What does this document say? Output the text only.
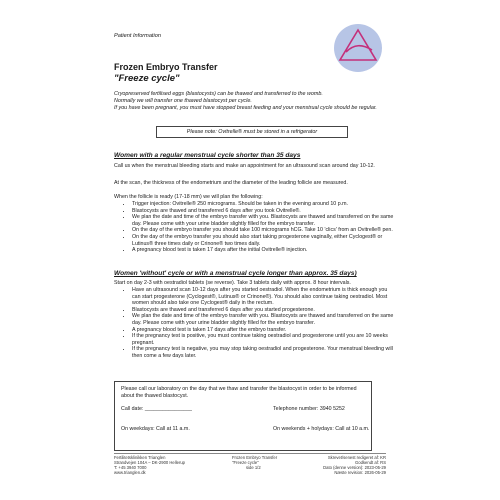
Patient Information
Frozen Embryo Transfer
"Freeze cycle"
Cryopreserved fertilised eggs (blastocysts) can be thawed and transferred to the womb.
Normally we will transfer one thawed blastocyst per cycle.
If you have been pregnant, you must have stopped breast feeding and your menstrual cycle should be regular.
Please note: Ovitrelle® must be stored in a refrigerator
Women with a regular menstrual cycle shorter than 35 days
Call us when the menstrual bleeding starts and make an appointment for an ultrasound scan around day 10-12.
At the scan, the thickness of the endometrium and the diameter of the leading follicle are measured.
When the follicle is ready (17-18 mm) we will plan the following:
• Trigger injection: Ovitrelle® 250 micrograms. Should be taken in the evening around 10 p.m.
• Blastocysts are thawed and transferred 6 days after you took Ovitrelle®.
• We plan the date and time of the embryo transfer with you. Blastocysts are thawed and transferred on the same day. Please come with your urine bladder slightly filled for the embryo transfer.
• On the day of the embryo transfer you should take 100 micrograms hCG. Take 10 'clics' from an Ovitrelle® pen.
• On the day of the embryo transfer you should also start taking progesterone vaginally, either Cyclogest® or Lutinus® three times daily or Crinone® two times daily.
• A pregnancy blood test is taken 17 days after the initial Ovitrelle® injection.
Women 'without' cycle or with a menstrual cycle longer than approx. 35 days)
Start on day 2-3 with oestradiol tablets (se reverse). Take 3 tablets daily with approx. 8 hour intervals.
• Have an ultrasound scan 10-12 days after you started oestradiol. When the endometrium is thick enough you can start progesterone (Cyclogest®, Lutinus® or Crinone®). You should also continue taking oestradiol. Most women should also take one Cyclogest® daily in the rectum.
• Blastocysts are thawed and transferred 6 days after you started progesterone.
• We plan the date and time of the embryo transfer with you. Blastocysts are thawed and transferred on the same day. Please come with your urine bladder slightly filled for the embryo transfer.
• A pregnancy blood test is taken 17 days after the embryo transfer.
• If the pregnancy test is positive, you must continue taking oestradiol and progesterone until you are 10 weeks pregnant.
• If the pregnancy test is negative, you may stop taking oestradiol and progesterone. Your menstrual bleeding will then come a few days later.
Please call our laboratory on the day that we thaw and transfer the blastocyst in order to be informed about the thawed blastocyst.
Call date: ________________	Telephone number: 3940 5252
On weekdays: Call at 11 a.m.	On weekends + holydays: Call at 10 a.m.
Fertilitetsklinikken Trianglen
Strandvejen 104A – DK-2900 Hellerup
T: +45 3940 7000
www.trianglen.dk
Frozen Embryo Transfer
"Freeze cycle"
side 1/2
Skrevet/senest redigeret af: KR
Godkendt af: RS
Dato (denne version): 2023-05-29
Næste revision: 2026-05-29
